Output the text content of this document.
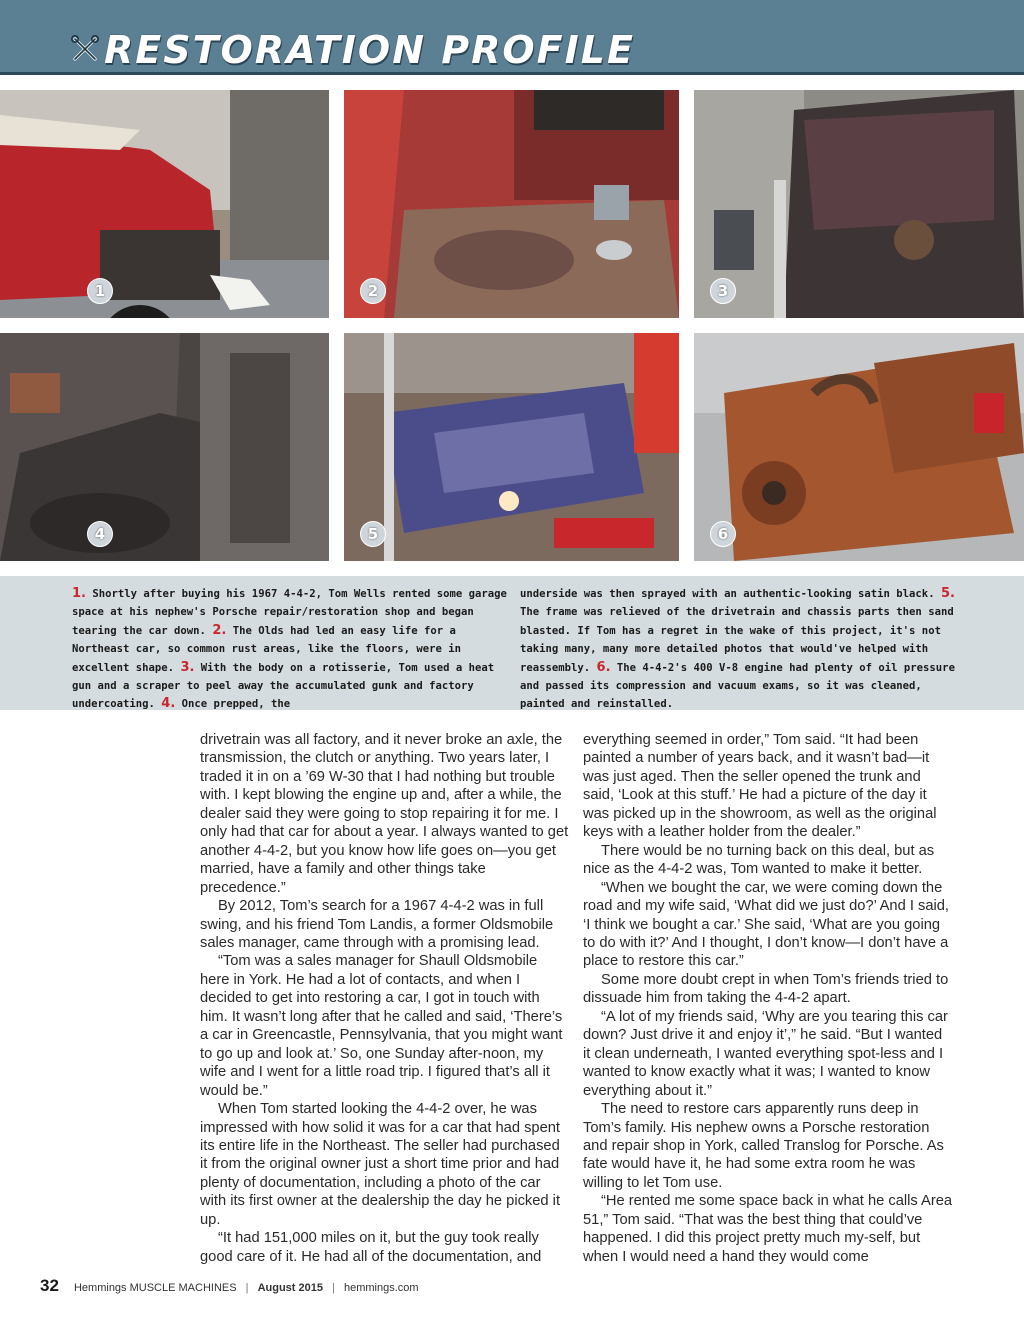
RESTORATION PROFILE
1	2	3
4	5	6
1. Shortly after buying his 1967 4-4-2, Tom Wells rented some garage space at his nephew's Porsche repair/restoration shop and began tearing the car down. 2. The Olds had led an easy life for a Northeast car, so common rust areas, like the floors, were in excellent shape. 3. With the body on a rotisserie, Tom used a heat gun and a scraper to peel away the accumulated gunk and factory undercoating. 4. Once prepped, the
underside was then sprayed with an authentic-looking satin black. 5. The frame was relieved of the drivetrain and chassis parts then sand blasted. If Tom has a regret in the wake of this project, it's not taking many, many more detailed photos that would've helped with reassembly. 6. The 4-4-2's 400 V-8 engine had plenty of oil pressure and passed its compression and vacuum exams, so it was cleaned, painted and reinstalled.

drivetrain was all factory, and it never broke an axle, the transmission, the clutch or anything. Two years later, I traded it in on a ’69 W-30 that I had nothing but trouble with. I kept blowing the engine up and, after a while, the dealer said they were going to stop repairing it for me. I only had that car for about a year. I always wanted to get another 4-4-2, but you know how life goes on—you get married, have a family and other things take precedence.”

By 2012, Tom’s search for a 1967 4-4-2 was in full swing, and his friend Tom Landis, a former Oldsmobile sales manager, came through with a promising lead.

“Tom was a sales manager for Shaull Oldsmobile here in York. He had a lot of contacts, and when I decided to get into restoring a car, I got in touch with him. It wasn’t long after that he called and said, ‘There’s a car in Greencastle, Pennsylvania, that you might want to go up and look at.’ So, one Sunday after-noon, my wife and I went for a little road trip. I figured that’s all it would be.”

When Tom started looking the 4-4-2 over, he was impressed with how solid it was for a car that had spent its entire life in the Northeast. The seller had purchased it from the original owner just a short time prior and had plenty of documentation, including a photo of the car with its first owner at the dealership the day he picked it up.

“It had 151,000 miles on it, but the guy took really good care of it. He had all of the documentation, and

everything seemed in order,” Tom said. “It had been painted a number of years back, and it wasn’t bad—it was just aged. Then the seller opened the trunk and said, ‘Look at this stuff.’ He had a picture of the day it was picked up in the showroom, as well as the original keys with a leather holder from the dealer.”

There would be no turning back on this deal, but as nice as the 4-4-2 was, Tom wanted to make it better.

“When we bought the car, we were coming down the road and my wife said, ‘What did we just do?’ And I said, ‘I think we bought a car.’ She said, ‘What are you going to do with it?’ And I thought, I don’t know—I don’t have a place to restore this car.”

Some more doubt crept in when Tom’s friends tried to dissuade him from taking the 4-4-2 apart.

“A lot of my friends said, ‘Why are you tearing this car down? Just drive it and enjoy it’,” he said. “But I wanted it clean underneath, I wanted everything spot-less and I wanted to know exactly what it was; I wanted to know everything about it.”

The need to restore cars apparently runs deep in Tom’s family. His nephew owns a Porsche restoration and repair shop in York, called Translog for Porsche. As fate would have it, he had some extra room he was willing to let Tom use.

“He rented me some space back in what he calls Area 51,” Tom said. “That was the best thing that could’ve happened. I did this project pretty much my-self, but when I would need a hand they would come

32 Hemmings MUSCLE MACHINES | August 2015 | hemmings.com
